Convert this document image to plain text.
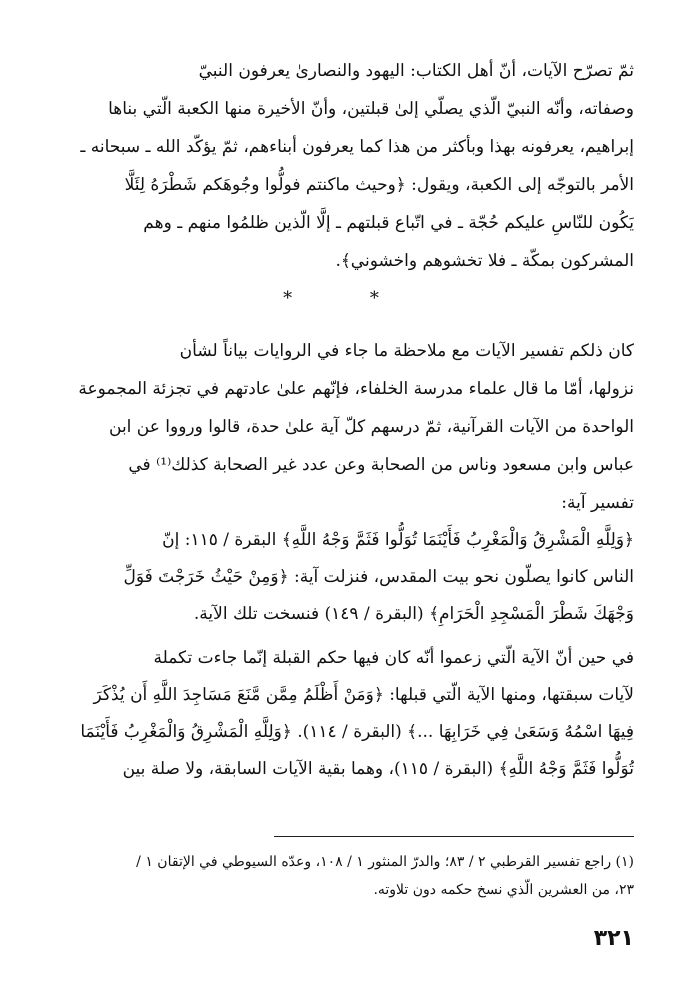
ثمّ تصرّح الآيات، أنّ أهل الكتاب: اليهود والنصارىٰ يعرفون النبيّ
وصفاته، وأنّه النبيّ الّذي يصلّي إلىٰ قبلتين، وأنّ الأخيرة منها الكعبة الّتي بناها
إبراهيم، يعرفونه بهذا وبأكثر من هذا كما يعرفون أبناءهم، ثمّ يؤكّد الله ـ سبحانه ـ
الأمر بالتوجّه إلى الكعبة، ويقول: ﴿وحيث ماكنتم فولُّوا وجُوهَكم شَطْرَهُ لِئَلَّا
يَكُون للنّاسِ عليكم حُجّة ـ في اتّباع قبلتهم ـ إلَّا الّذين ظلمُوا منهم ـ وهم
المشركون بمكّة ـ فلا تخشوهم واخشوني﴾.
* *
كان ذلكم تفسير الآيات مع ملاحظة ما جاء في الروايات بياناً لشأن
نزولها، أمّا ما قال علماء مدرسة الخلفاء، فإنّهم علىٰ عادتهم في تجزئة المجموعة
الواحدة من الآيات القرآنية، ثمّ درسهم كلّ آية علىٰ حدة، قالوا ورووا عن ابن
عباس وابن مسعود وناس من الصحابة وعن عدد غير الصحابة كذلك⁽¹⁾ في
تفسير آية:
﴿وَلِلَّهِ الْمَشْرِقُ وَالْمَغْرِبُ فَأَيْنَمَا تُوَلُّوا فَثَمَّ وَجْهُ اللَّهِ﴾ البقرة / ١١٥: إنّ
الناس كانوا يصلّون نحو بيت المقدس، فنزلت آية: ﴿وَمِنْ حَيْثُ خَرَجْتَ فَوَلِّ
وَجْهَكَ شَطْرَ الْمَسْجِدِ الْحَرَامِ﴾ (البقرة / ١٤٩) فنسخت تلك الآية.
في حين أنّ الآية الّتي زعموا أنّه كان فيها حكم القبلة إنّما جاءت تكملة
لآيات سبقتها، ومنها الآية الّتي قبلها: ﴿وَمَنْ أَظْلَمُ مِمَّن مَّنَعَ مَسَاجِدَ اللَّهِ أَن يُذْكَرَ
فِيهَا اسْمُهُ وَسَعَىٰ فِي خَرَابِهَا ...﴾ (البقرة / ١١٤). ﴿وَلِلَّهِ الْمَشْرِقُ وَالْمَغْرِبُ فَأَيْنَمَا
تُوَلُّوا فَثَمَّ وَجْهُ اللَّهِ﴾ (البقرة / ١١٥)، وهما بقية الآيات السابقة، ولا صلة بين
(١) راجع تفسير القرطبي ٢ / ٨٣؛ والدرّ المنثور ١ / ١٠٨، وعدّه السيوطي في الإتقان ١ /
٢٣، من العشرين الّذي نسخ حكمه دون تلاوته.
٣٢١
